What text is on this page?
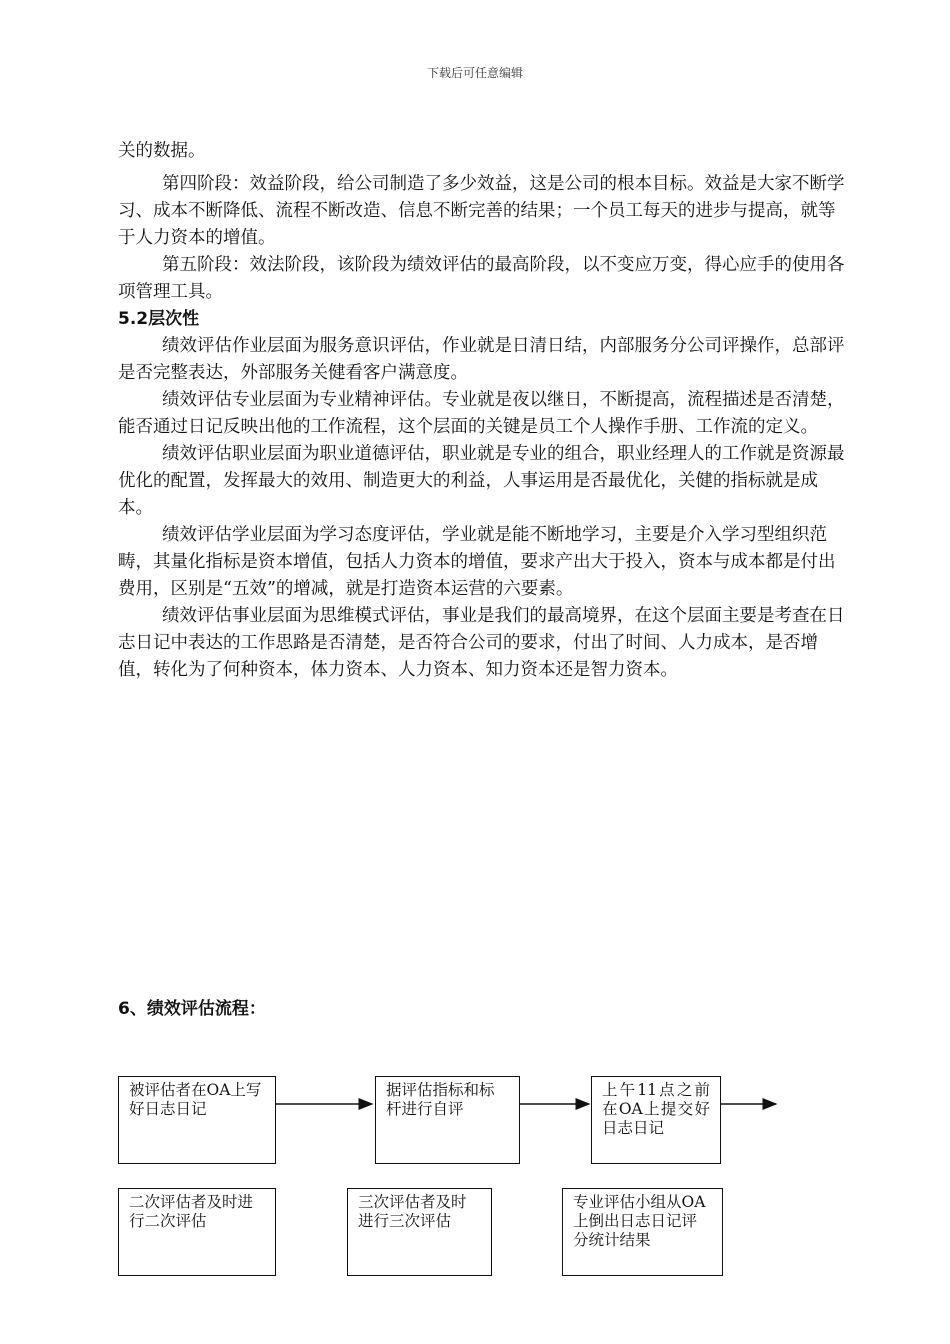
下载后可任意编辑

关的数据。

第四阶段：效益阶段，给公司制造了多少效益，这是公司的根本目标。效益是大家不断学习、成本不断降低、流程不断改造、信息不断完善的结果；一个员工每天的进步与提高，就等于人力资本的增值。

第五阶段：效法阶段，该阶段为绩效评估的最高阶段，以不变应万变，得心应手的使用各项管理工具。

5.2层次性

绩效评估作业层面为服务意识评估，作业就是日清日结，内部服务分公司评操作，总部评是否完整表达，外部服务关健看客户满意度。

绩效评估专业层面为专业精神评估。专业就是夜以继日，不断提高，流程描述是否清楚，能否通过日记反映出他的工作流程，这个层面的关键是员工个人操作手册、工作流的定义。

绩效评估职业层面为职业道德评估，职业就是专业的组合，职业经理人的工作就是资源最优化的配置，发挥最大的效用、制造更大的利益，人事运用是否最优化，关健的指标就是成本。

绩效评估学业层面为学习态度评估，学业就是能不断地学习，主要是介入学习型组织范畴，其量化指标是资本增值，包括人力资本的增值，要求产出大于投入，资本与成本都是付出费用，区别是“五效”的增减，就是打造资本运营的六要素。

绩效评估事业层面为思维模式评估，事业是我们的最高境界，在这个层面主要是考查在日志日记中表达的工作思路是否清楚，是否符合公司的要求，付出了时间、人力成本，是否增值，转化为了何种资本，体力资本、人力资本、知力资本还是智力资本。

6、绩效评估流程：
被评估者在OA上写好日志日记
据评估指标和标杆进行自评
上午11点之前在OA上提交好日志日记
二次评估者及时进行二次评估
三次评估者及时进行三次评估
专业评估小组从OA上倒出日志日记评分统计结果
